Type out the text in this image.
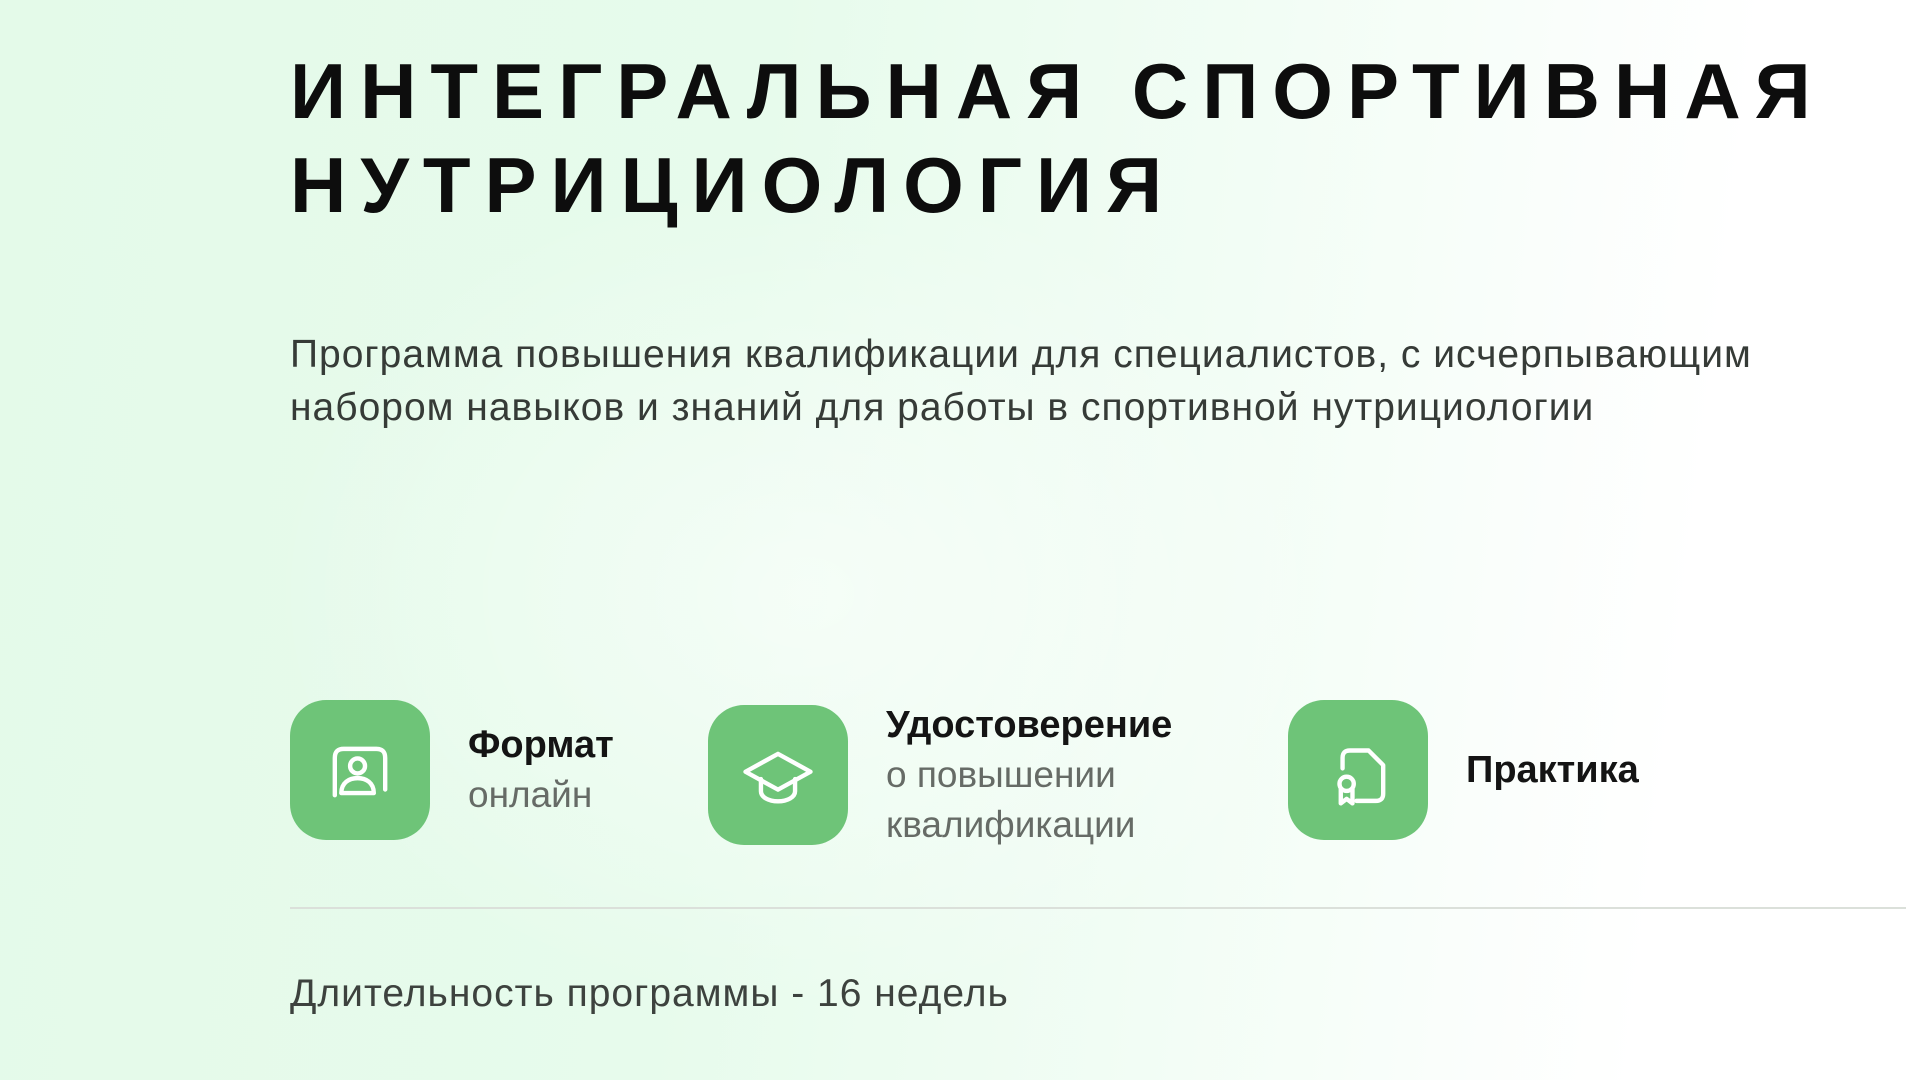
ИНТЕГРАЛЬНАЯ СПОРТИВНАЯ
НУТРИЦИОЛОГИЯ

Программа повышения квалификации для специалистов, с исчерпывающим
набором навыков и знаний для работы в спортивной нутрициологии

Формат
онлайн
Удостоверение
о повышении
квалификации
Практика

Длительность программы - 16 недель
